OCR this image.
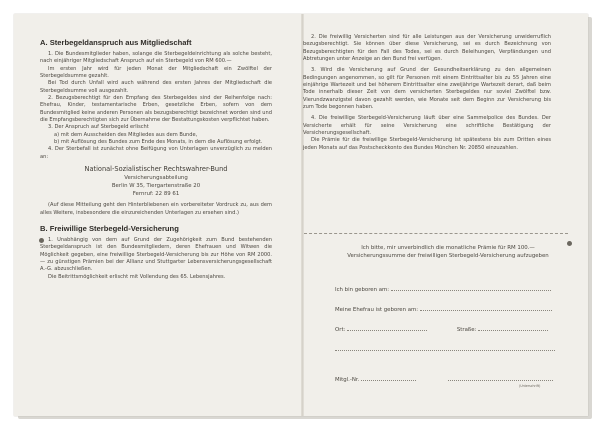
A. Sterbegeldanspruch aus Mitgliedschaft

1. Die Bundesmitglieder haben, solange die Sterbegeldeinrichtung als solche besteht, nach einjähriger Mitgliedschaft Anspruch auf ein Sterbegeld von RM 600.—

Im ersten Jahr wird für jeden Monat der Mitgliedschaft ein Zwölftel der Sterbegeldsumme gezahlt.

Bei Tod durch Unfall wird auch während des ersten Jahres der Mitgliedschaft die Sterbegeldsumme voll ausgezahlt.

2. Bezugsberechtigt für den Empfang des Sterbegeldes sind der Reihenfolge nach: Ehefrau, Kinder, testamentarische Erben, gesetzliche Erben, sofern von dem Bundesmitglied keine anderen Personen als bezugsberechtigt bezeichnet worden sind und die Empfangsberechtigten sich zur Übernahme der Bestattungskosten verpflichtet haben.

3. Der Anspruch auf Sterbegeld erlischt

a) mit dem Ausscheiden des Mitgliedes aus dem Bunde,

b) mit Auflösung des Bundes zum Ende des Monats, in dem die Auflösung erfolgt.

4. Der Sterbefall ist zunächst ohne Beifügung von Unterlagen unverzüglich zu melden an:

National-Sozialistischer Rechtswahrer-Bund

Versicherungsabteilung

Berlin W 35, Tiergartenstraße 20

Fernruf: 22 89 61

(Auf diese Mitteilung geht den Hinterbliebenen ein vorbereiteter Vordruck zu, aus dem alles Weitere, insbesondere die einzureichenden Unterlagen zu ersehen sind.)

B. Freiwillige Sterbegeld-Versicherung

1. Unabhängig von dem auf Grund der Zugehörigkeit zum Bund bestehenden Sterbegeldanspruch ist den Bundesmitgliedern, deren Ehefrauen und Witwen die Möglichkeit gegeben, eine freiwillige Sterbegeld-Versicherung bis zur Höhe von RM 2000.— zu günstigen Prämien bei der Allianz und Stuttgarter Lebensversicherungsgesellschaft A.-G. abzuschließen.

Die Beitrittsmöglichkeit erlischt mit Vollendung des 65. Lebensjahres.

2. Die freiwillig Versicherten sind für alle Leistungen aus der Versicherung unwiderruflich bezugsberechtigt. Sie können über diese Versicherung, sei es durch Bezeichnung von Bezugsberechtigten für den Fall des Todes, sei es durch Beleihungen, Verpfändungen und Abtretungen unter Anzeige an den Bund frei verfügen.

3. Wird die Versicherung auf Grund der Gesundheitserklärung zu den allgemeinen Bedingungen angenommen, so gilt für Personen mit einem Eintrittsalter bis zu 55 Jahren eine einjährige Wartezeit und bei höherem Eintrittsalter eine zweijährige Wartezeit derart, daß beim Tode innerhalb dieser Zeit von dem versicherten Sterbegeldes nur soviel Zwölftel bzw. Vierundzwanzigstel davon gezahlt werden, wie Monate seit dem Beginn zur Versicherung bis zum Tode begonnen haben.

4. Die freiwillige Sterbegeld-Versicherung läuft über eine Sammelpolice des Bundes. Der Versicherte erhält für seine Versicherung eine schriftliche Bestätigung der Versicherungsgesellschaft.

Die Prämie für die freiwillige Sterbegeld-Versicherung ist spätestens bis zum Dritten eines jeden Monats auf das Postscheckkonto des Bundes München Nr. 20850 einzuzahlen.

Ich bitte, mir unverbindlich die monatliche Prämie für RM 100.— Versicherungssumme der freiwilligen Sterbegeld-Versicherung aufzugeben

Ich bin geboren am:
Meine Ehefrau ist geboren am:
Ort:	Straße:
Mitgl.-Nr.
(Unterschrift)
